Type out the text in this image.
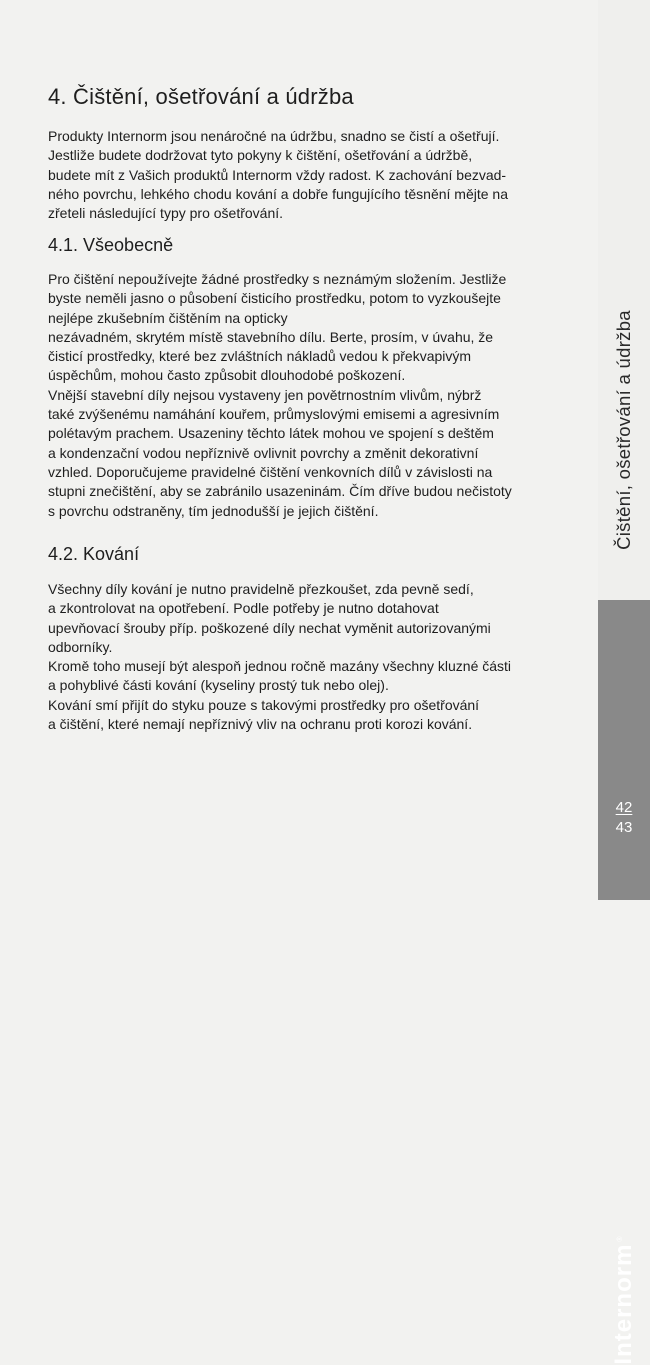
4. Čištění, ošetřování a údržba

Produkty Internorm jsou nenáročné na údržbu, snadno se čistí a ošetřují.
Jestliže budete dodržovat tyto pokyny k čištění, ošetřování a údržbě,
budete mít z Vašich produktů Internorm vždy radost. K zachování bezvad-
ného povrchu, lehkého chodu kování a dobře fungujícího těsnění mějte na
zřeteli následující typy pro ošetřování.

4.1. Všeobecně

Pro čištění nepoužívejte žádné prostředky s neznámým složením. Jestliže
byste neměli jasno o působení čisticího prostředku, potom to vyzkoušejte
nejlépe zkušebním čištěním na opticky
nezávadném, skrytém místě stavebního dílu. Berte, prosím, v úvahu, že
čisticí prostředky, které bez zvláštních nákladů vedou k překvapivým
úspěchům, mohou často způsobit dlouhodobé poškození.
Vnější stavební díly nejsou vystaveny jen povětrnostním vlivům, nýbrž
také zvýšenému namáhání kouřem, průmyslovými emisemi a agresivním
polétavým prachem. Usazeniny těchto látek mohou ve spojení s deštěm
a kondenzační vodou nepříznivě ovlivnit povrchy a změnit dekorativní
vzhled. Doporučujeme pravidelné čištění venkovních dílů v závislosti na
stupni znečištění, aby se zabránilo usazeninám. Čím dříve budou nečistoty
s povrchu odstraněny, tím jednodušší je jejich čištění.

4.2. Kování

Všechny díly kování je nutno pravidelně přezkoušet, zda pevně sedí,
a zkontrolovat na opotřebení. Podle potřeby je nutno dotahovat
upevňovací šrouby příp. poškozené díly nechat vyměnit autorizovanými
odborníky.
Kromě toho musejí být alespoň jednou ročně mazány všechny kluzné části
a pohyblivé části kování (kyseliny prostý tuk nebo olej).
Kování smí přijít do styku pouze s takovými prostředky pro ošetřování
a čištění, které nemají nepříznivý vliv na ochranu proti korozi kování.

Čištění, ošetřování a údržba
Internorm®
42
43
